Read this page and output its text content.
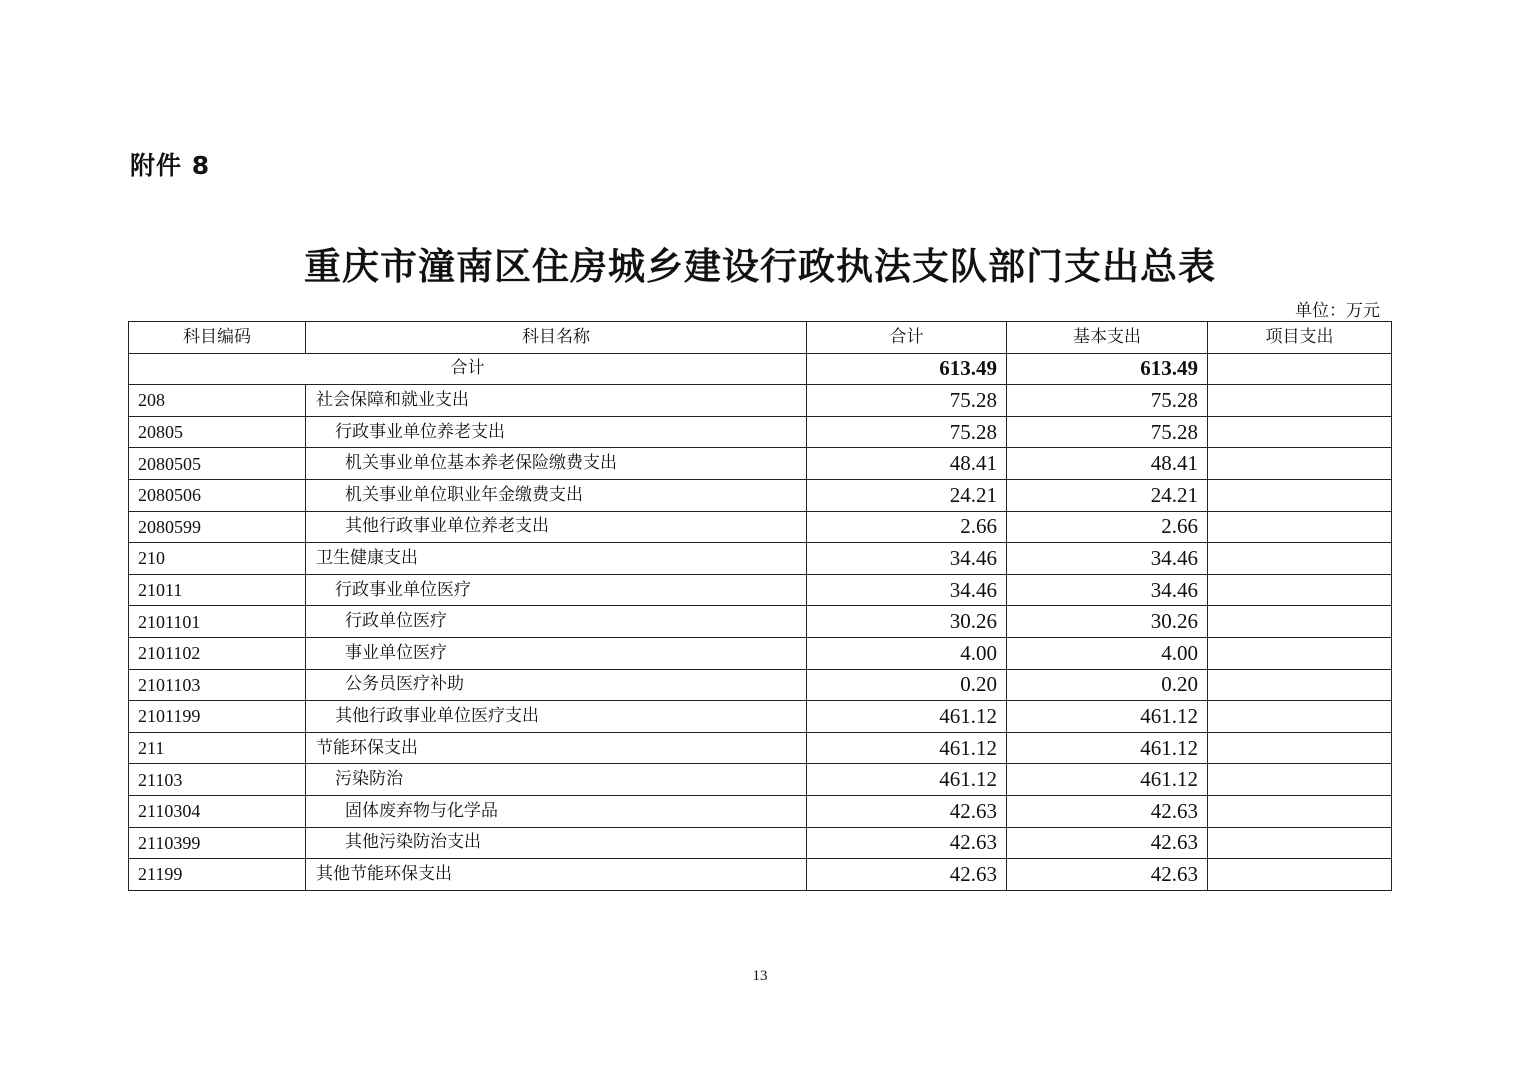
附件 8
重庆市潼南区住房城乡建设行政执法支队部门支出总表
单位：万元
科目编码	科目名称	合计	基本支出	项目支出
合计		613.49	613.49	
208	社会保障和就业支出	75.28	75.28	
20805	行政事业单位养老支出	75.28	75.28	
2080505	机关事业单位基本养老保险缴费支出	48.41	48.41	
2080506	机关事业单位职业年金缴费支出	24.21	24.21	
2080599	其他行政事业单位养老支出	2.66	2.66	
210	卫生健康支出	34.46	34.46	
21011	行政事业单位医疗	34.46	34.46	
2101101	行政单位医疗	30.26	30.26	
2101102	事业单位医疗	4.00	4.00	
2101103	公务员医疗补助	0.20	0.20	
2101199	其他行政事业单位医疗支出	461.12	461.12	
211	节能环保支出	461.12	461.12	
21103	污染防治	461.12	461.12	
2110304	固体废弃物与化学品	42.63	42.63	
2110399	其他污染防治支出	42.63	42.63	
21199	其他节能环保支出	42.63	42.63	
13
